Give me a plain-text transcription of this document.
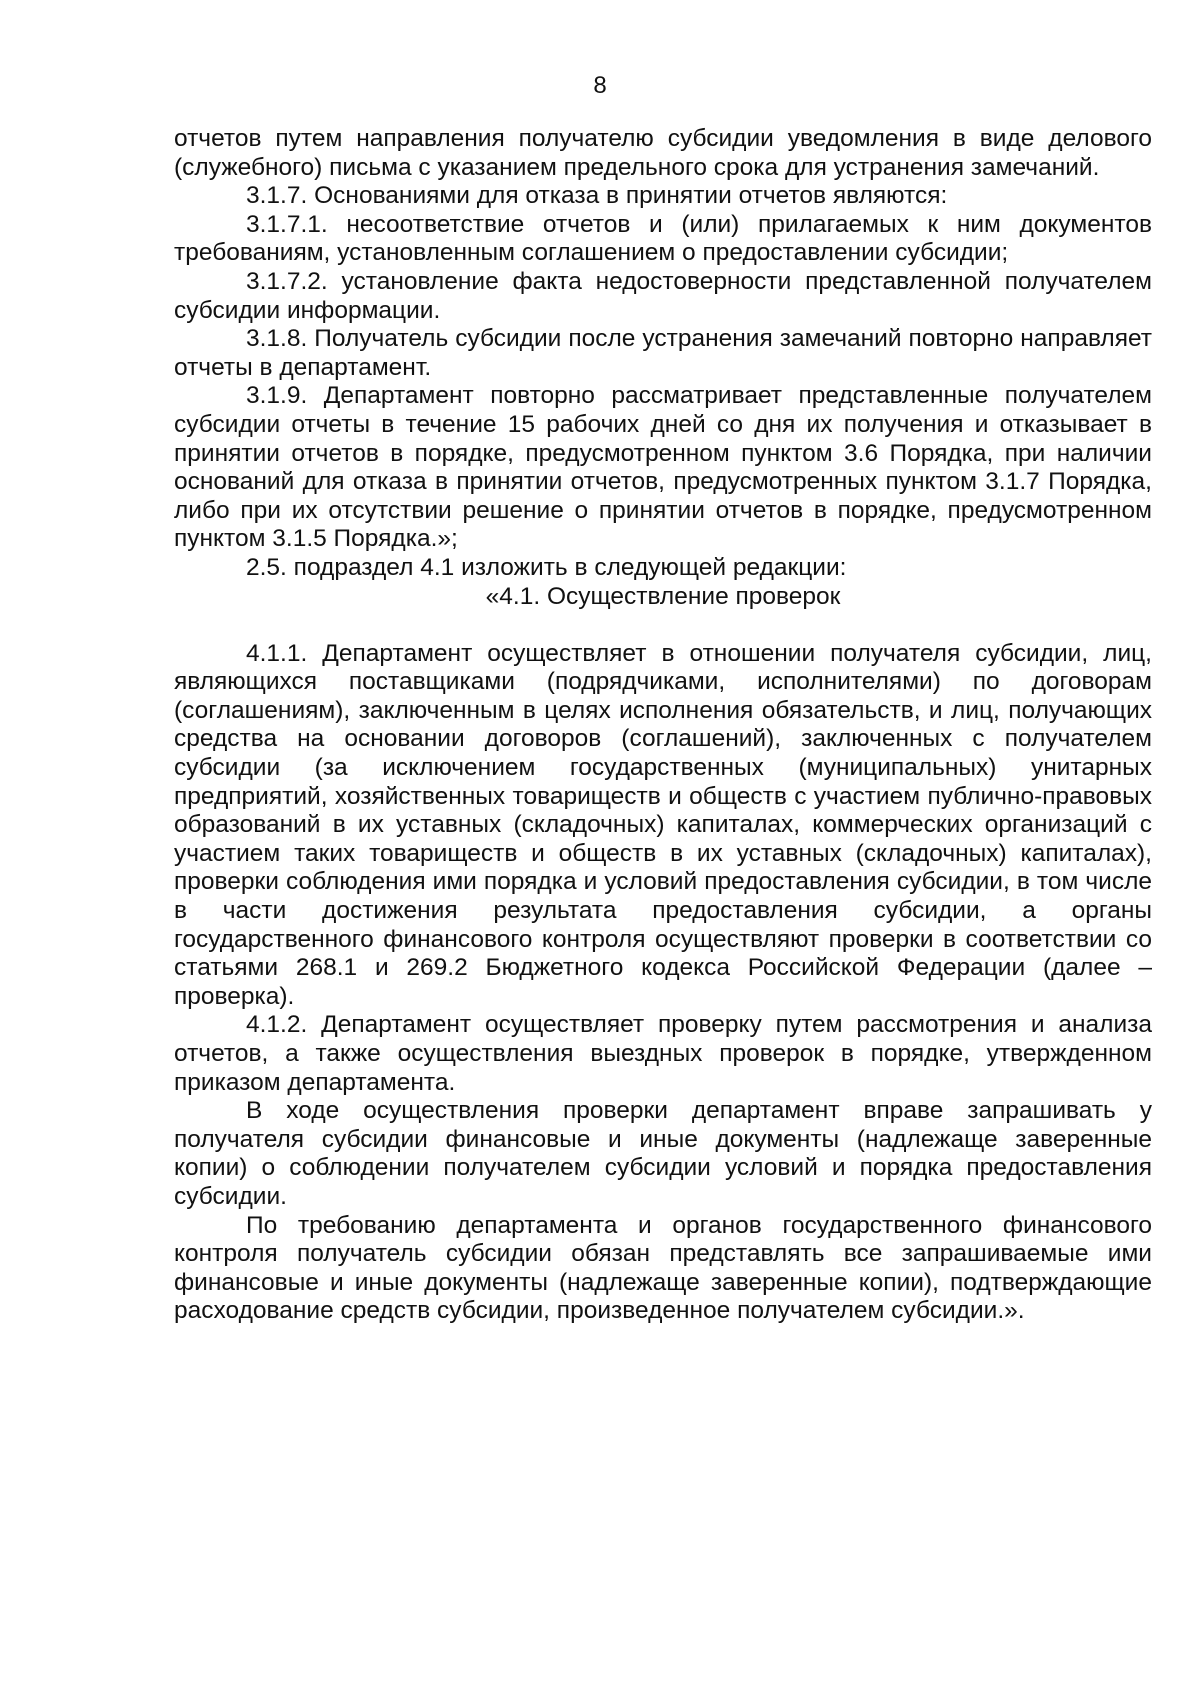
8

отчетов путем направления получателю субсидии уведомления в виде делового (служебного) письма с указанием предельного срока для устранения замечаний.

3.1.7. Основаниями для отказа в принятии отчетов являются:

3.1.7.1. несоответствие отчетов и (или) прилагаемых к ним документов требованиям, установленным соглашением о предоставлении субсидии;

3.1.7.2. установление факта недостоверности представленной получателем субсидии информации.

3.1.8. Получатель субсидии после устранения замечаний повторно направляет отчеты в департамент.

3.1.9. Департамент повторно рассматривает представленные получателем субсидии отчеты в течение 15 рабочих дней со дня их получения и отказывает в принятии отчетов в порядке, предусмотренном пунктом 3.6 Порядка, при наличии оснований для отказа в принятии отчетов, предусмотренных пунктом 3.1.7 Порядка, либо при их отсутствии решение о принятии отчетов в порядке, предусмотренном пунктом 3.1.5 Порядка.»;

2.5. подраздел 4.1 изложить в следующей редакции:

«4.1. Осуществление проверок

4.1.1. Департамент осуществляет в отношении получателя субсидии, лиц, являющихся поставщиками (подрядчиками, исполнителями) по договорам (соглашениям), заключенным в целях исполнения обязательств, и лиц, получающих средства на основании договоров (соглашений), заключенных с получателем субсидии (за исключением государственных (муниципальных) унитарных предприятий, хозяйственных товариществ и обществ с участием публично-правовых образований в их уставных (складочных) капиталах, коммерческих организаций с участием таких товариществ и обществ в их уставных (складочных) капиталах), проверки соблюдения ими порядка и условий предоставления субсидии, в том числе в части достижения результата предоставления субсидии, а органы государственного финансового контроля осуществляют проверки в соответствии со статьями 268.1 и 269.2 Бюджетного кодекса Российской Федерации (далее – проверка).

4.1.2. Департамент осуществляет проверку путем рассмотрения и анализа отчетов, а также осуществления выездных проверок в порядке, утвержденном приказом департамента.

В ходе осуществления проверки департамент вправе запрашивать у получателя субсидии финансовые и иные документы (надлежаще заверенные копии) о соблюдении получателем субсидии условий и порядка предоставления субсидии.

По требованию департамента и органов государственного финансового контроля получатель субсидии обязан представлять все запрашиваемые ими финансовые и иные документы (надлежаще заверенные копии), подтверждающие расходование средств субсидии, произведенное получателем субсидии.».
